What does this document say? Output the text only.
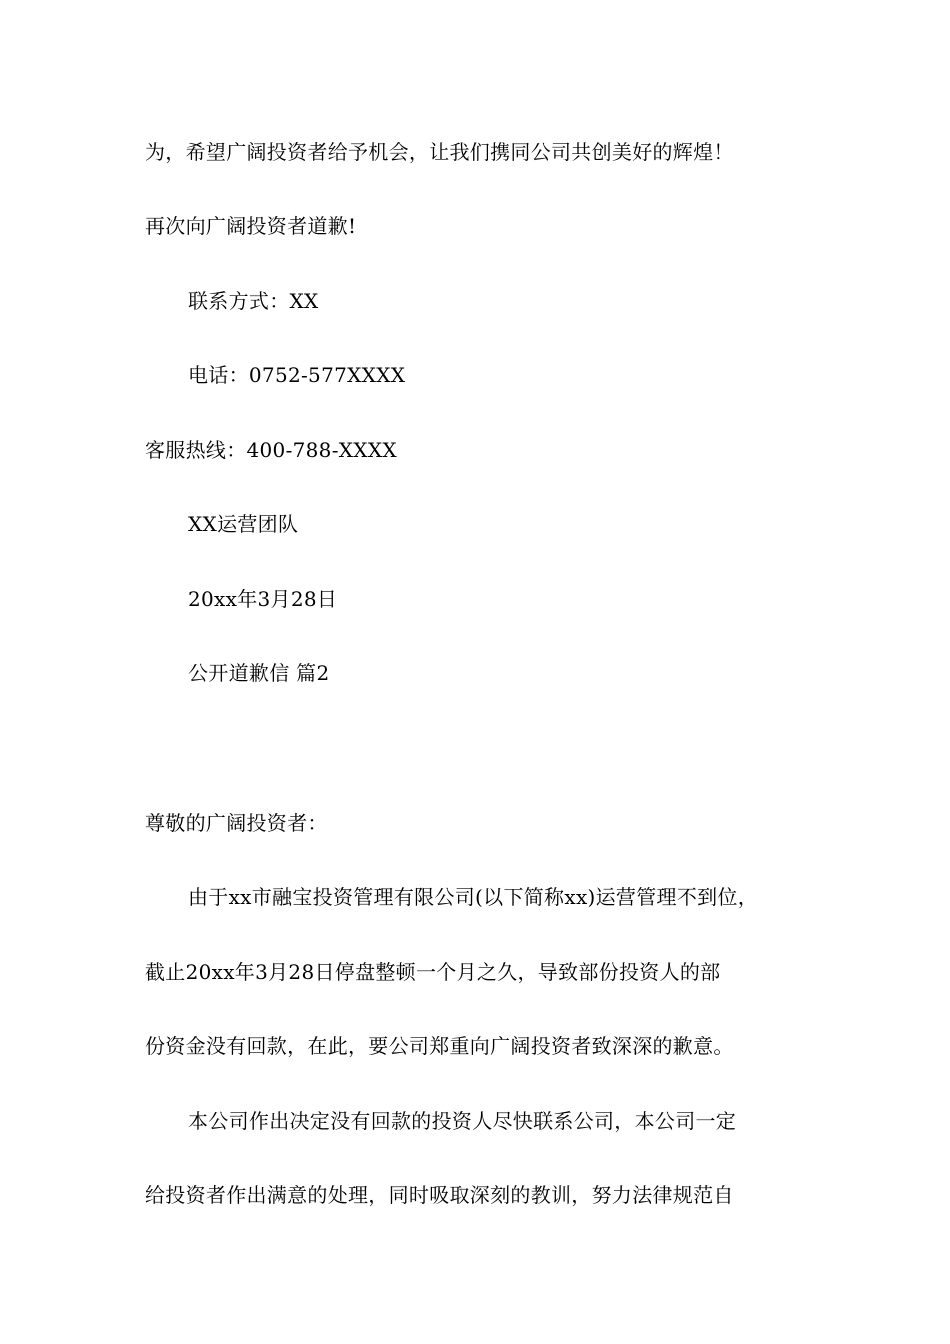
为，希望广阔投资者给予机会，让我们携同公司共创美好的辉煌！
再次向广阔投资者道歉!
联系方式：XX
电话：0752-577XXXX
客服热线：400-788-XXXX
XX运营团队
20xx年3月28日
公开道歉信 篇2
尊敬的广阔投资者：
由于xx市融宝投资管理有限公司(以下简称xx)运营管理不到位，
截止20xx年3月28日停盘整顿一个月之久，导致部份投资人的部
份资金没有回款，在此，要公司郑重向广阔投资者致深深的歉意。
本公司作出决定没有回款的投资人尽快联系公司，本公司一定
给投资者作出满意的处理，同时吸取深刻的教训，努力法律规范自
